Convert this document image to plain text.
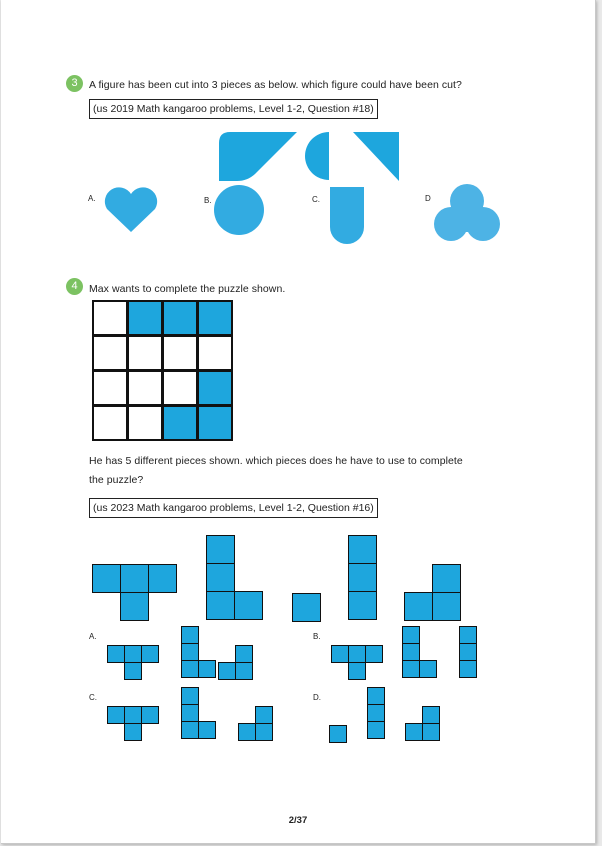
3	A figure has been cut into 3 pieces as below. which figure could have been cut?
(us 2019 Math kangaroo problems, Level 1-2, Question #18)
A.	B.	C.	D
4	Max wants to complete the puzzle shown.
He has 5 different pieces shown. which pieces does he have to use to complete
the puzzle?
(us 2023 Math kangaroo problems, Level 1-2, Question #16)
A.	B.
C.	D.
2/37
